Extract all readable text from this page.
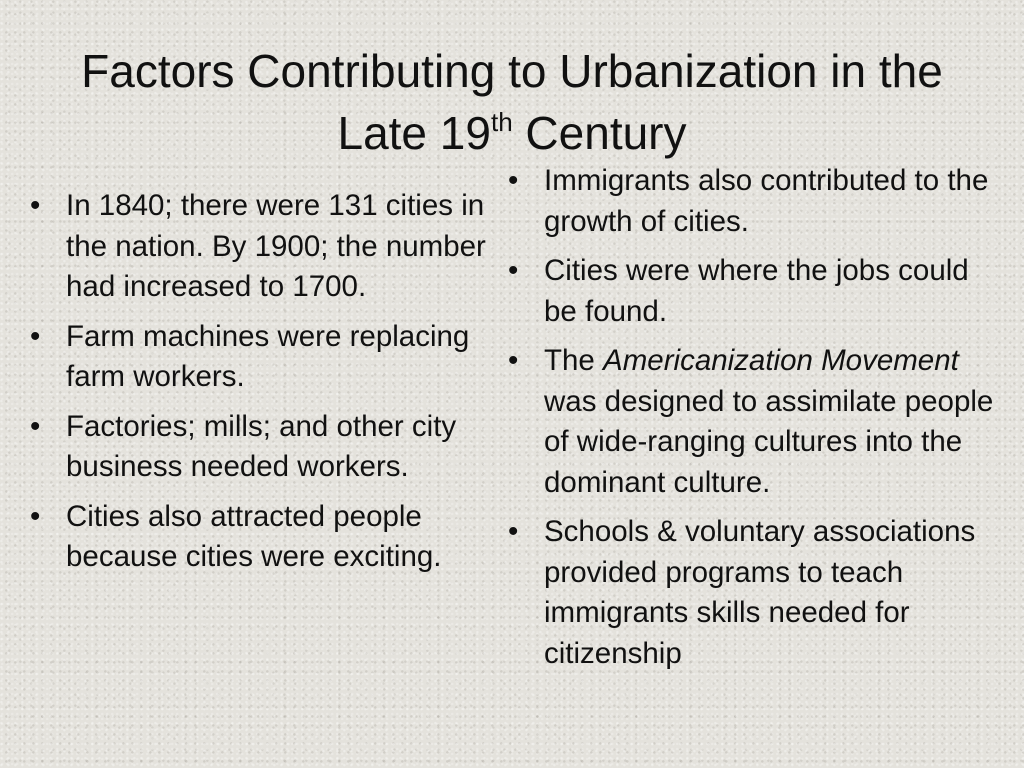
Factors Contributing to Urbanization in the Late 19th Century
• In 1840; there were 131 cities in the nation. By 1900; the number had increased to 1700.
• Farm machines were replacing farm workers.
• Factories; mills; and other city business needed workers.
• Cities also attracted people because cities were exciting.
• Immigrants also contributed to the growth of cities.
• Cities were where the jobs could be found.
• The Americanization Movement was designed to assimilate people of wide-ranging cultures into the dominant culture.
• Schools & voluntary associations provided programs to teach immigrants skills needed for citizenship
